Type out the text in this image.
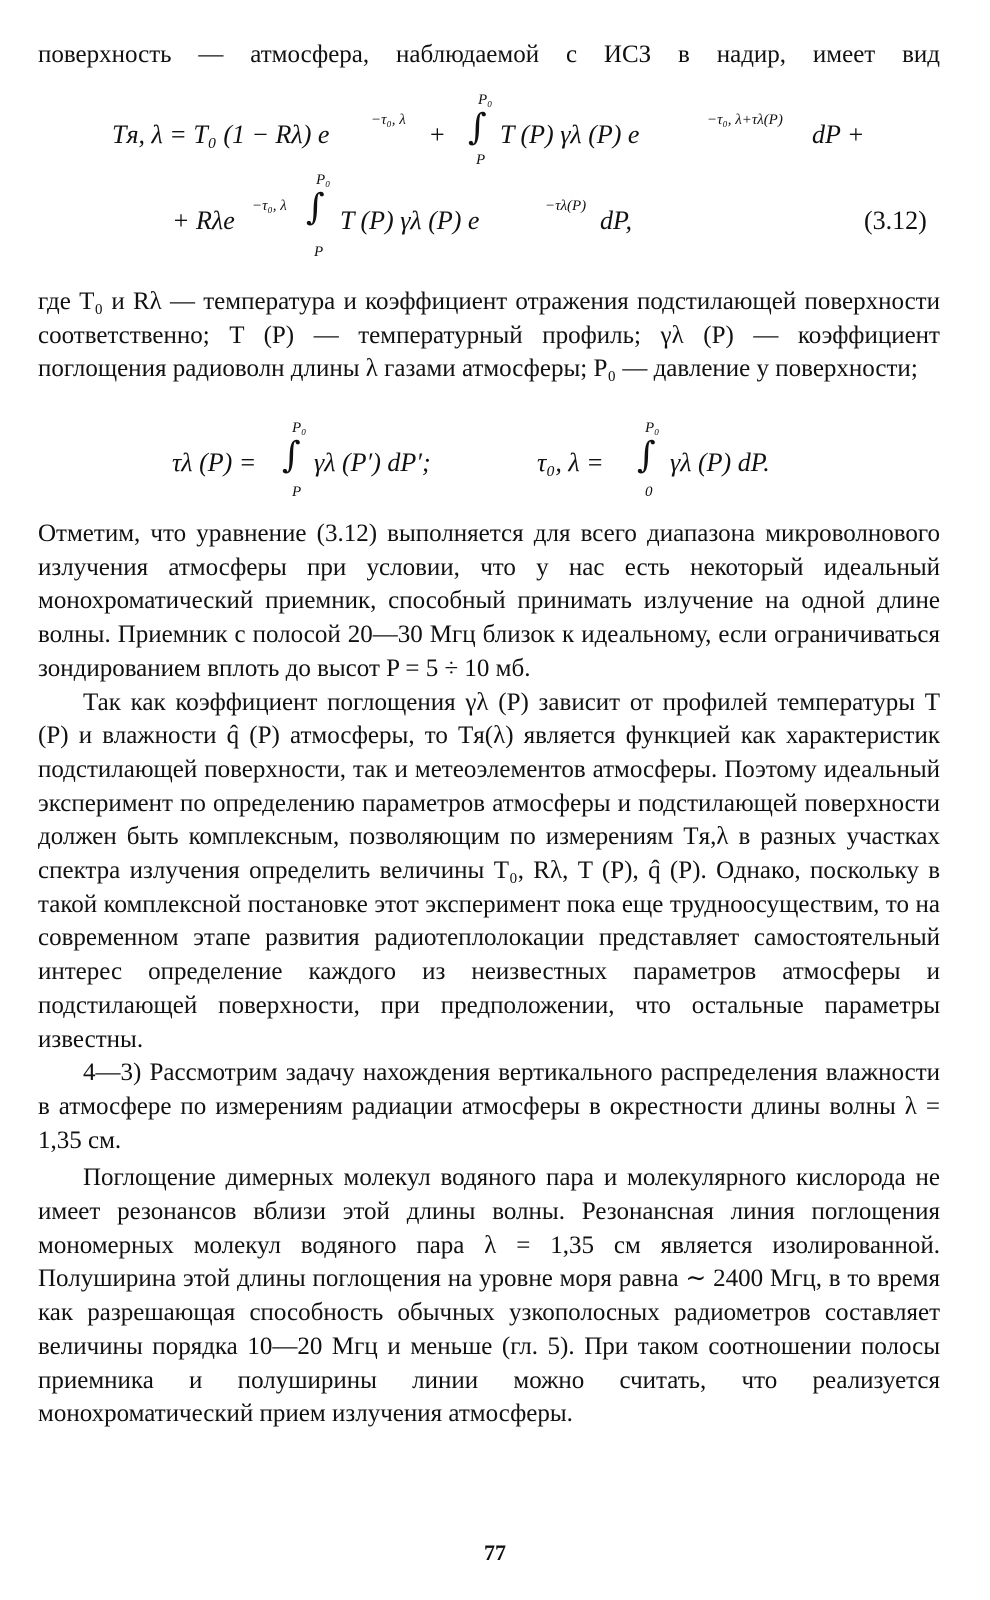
поверхность — атмосфера, наблюдаемой с ИСЗ в надир, имеет вид

P₀
∫
P
Tя, λ = T₀ (1 − Rλ) e	−τ₀, λ + T (P) γλ (P) e	−τ₀, λ+τλ(P) dP +
P₀
∫
P
+ Rλe −τ₀, λ T (P) γλ (P) e	−τλ(P) dP,	(3.12)

где T₀ и Rλ — температура и коэффициент отражения подстилающей поверхности соответственно; T (P) — температурный профиль; γλ (P) — коэффициент поглощения радиоволн длины λ газами атмосферы; P₀ — давление у поверхности;

P₀
∫
P
τλ (P) = γλ (P′) dP′;
P₀
∫
0
τ₀, λ =	γλ (P) dP.

Отметим, что уравнение (3.12) выполняется для всего диапазона микроволнового излучения атмосферы при условии, что у нас есть некоторый идеальный монохроматический приемник, способный принимать излучение на одной длине волны. Приемник с полосой 20—30 Мгц близок к идеальному, если ограничиваться зондированием вплоть до высот P = 5 ÷ 10 мб.

Так как коэффициент поглощения γλ (P) зависит от профилей температуры T (P) и влажности q̂ (P) атмосферы, то Tя(λ) является функцией как характеристик подстилающей поверхности, так и метеоэлементов атмосферы. Поэтому идеальный эксперимент по определению параметров атмосферы и подстилающей поверхности должен быть комплексным, позволяющим по измерениям Tя,λ в разных участках спектра излучения определить величины T₀, Rλ, T (P), q̂ (P). Однако, поскольку в такой комплексной постановке этот эксперимент пока еще трудноосуществим, то на современном этапе развития радиотеплолокации представляет самостоятельный интерес определение каждого из неизвестных параметров атмосферы и подстилающей поверхности, при предположении, что остальные параметры известны.

4—3) Рассмотрим задачу нахождения вертикального распределения влажности в атмосфере по измерениям радиации атмосферы в окрестности длины волны λ = 1,35 см.

Поглощение димерных молекул водяного пара и молекулярного кислорода не имеет резонансов вблизи этой длины волны. Резонансная линия поглощения мономерных молекул водяного пара λ = 1,35 см является изолированной. Полуширина этой длины поглощения на уровне моря равна ∼ 2400 Мгц, в то время как разрешающая способность обычных узкополосных радиометров составляет величины порядка 10—20 Мгц и меньше (гл. 5). При таком соотношении полосы приемника и полуширины линии можно считать, что реализуется монохроматический прием излучения атмосферы.

77
